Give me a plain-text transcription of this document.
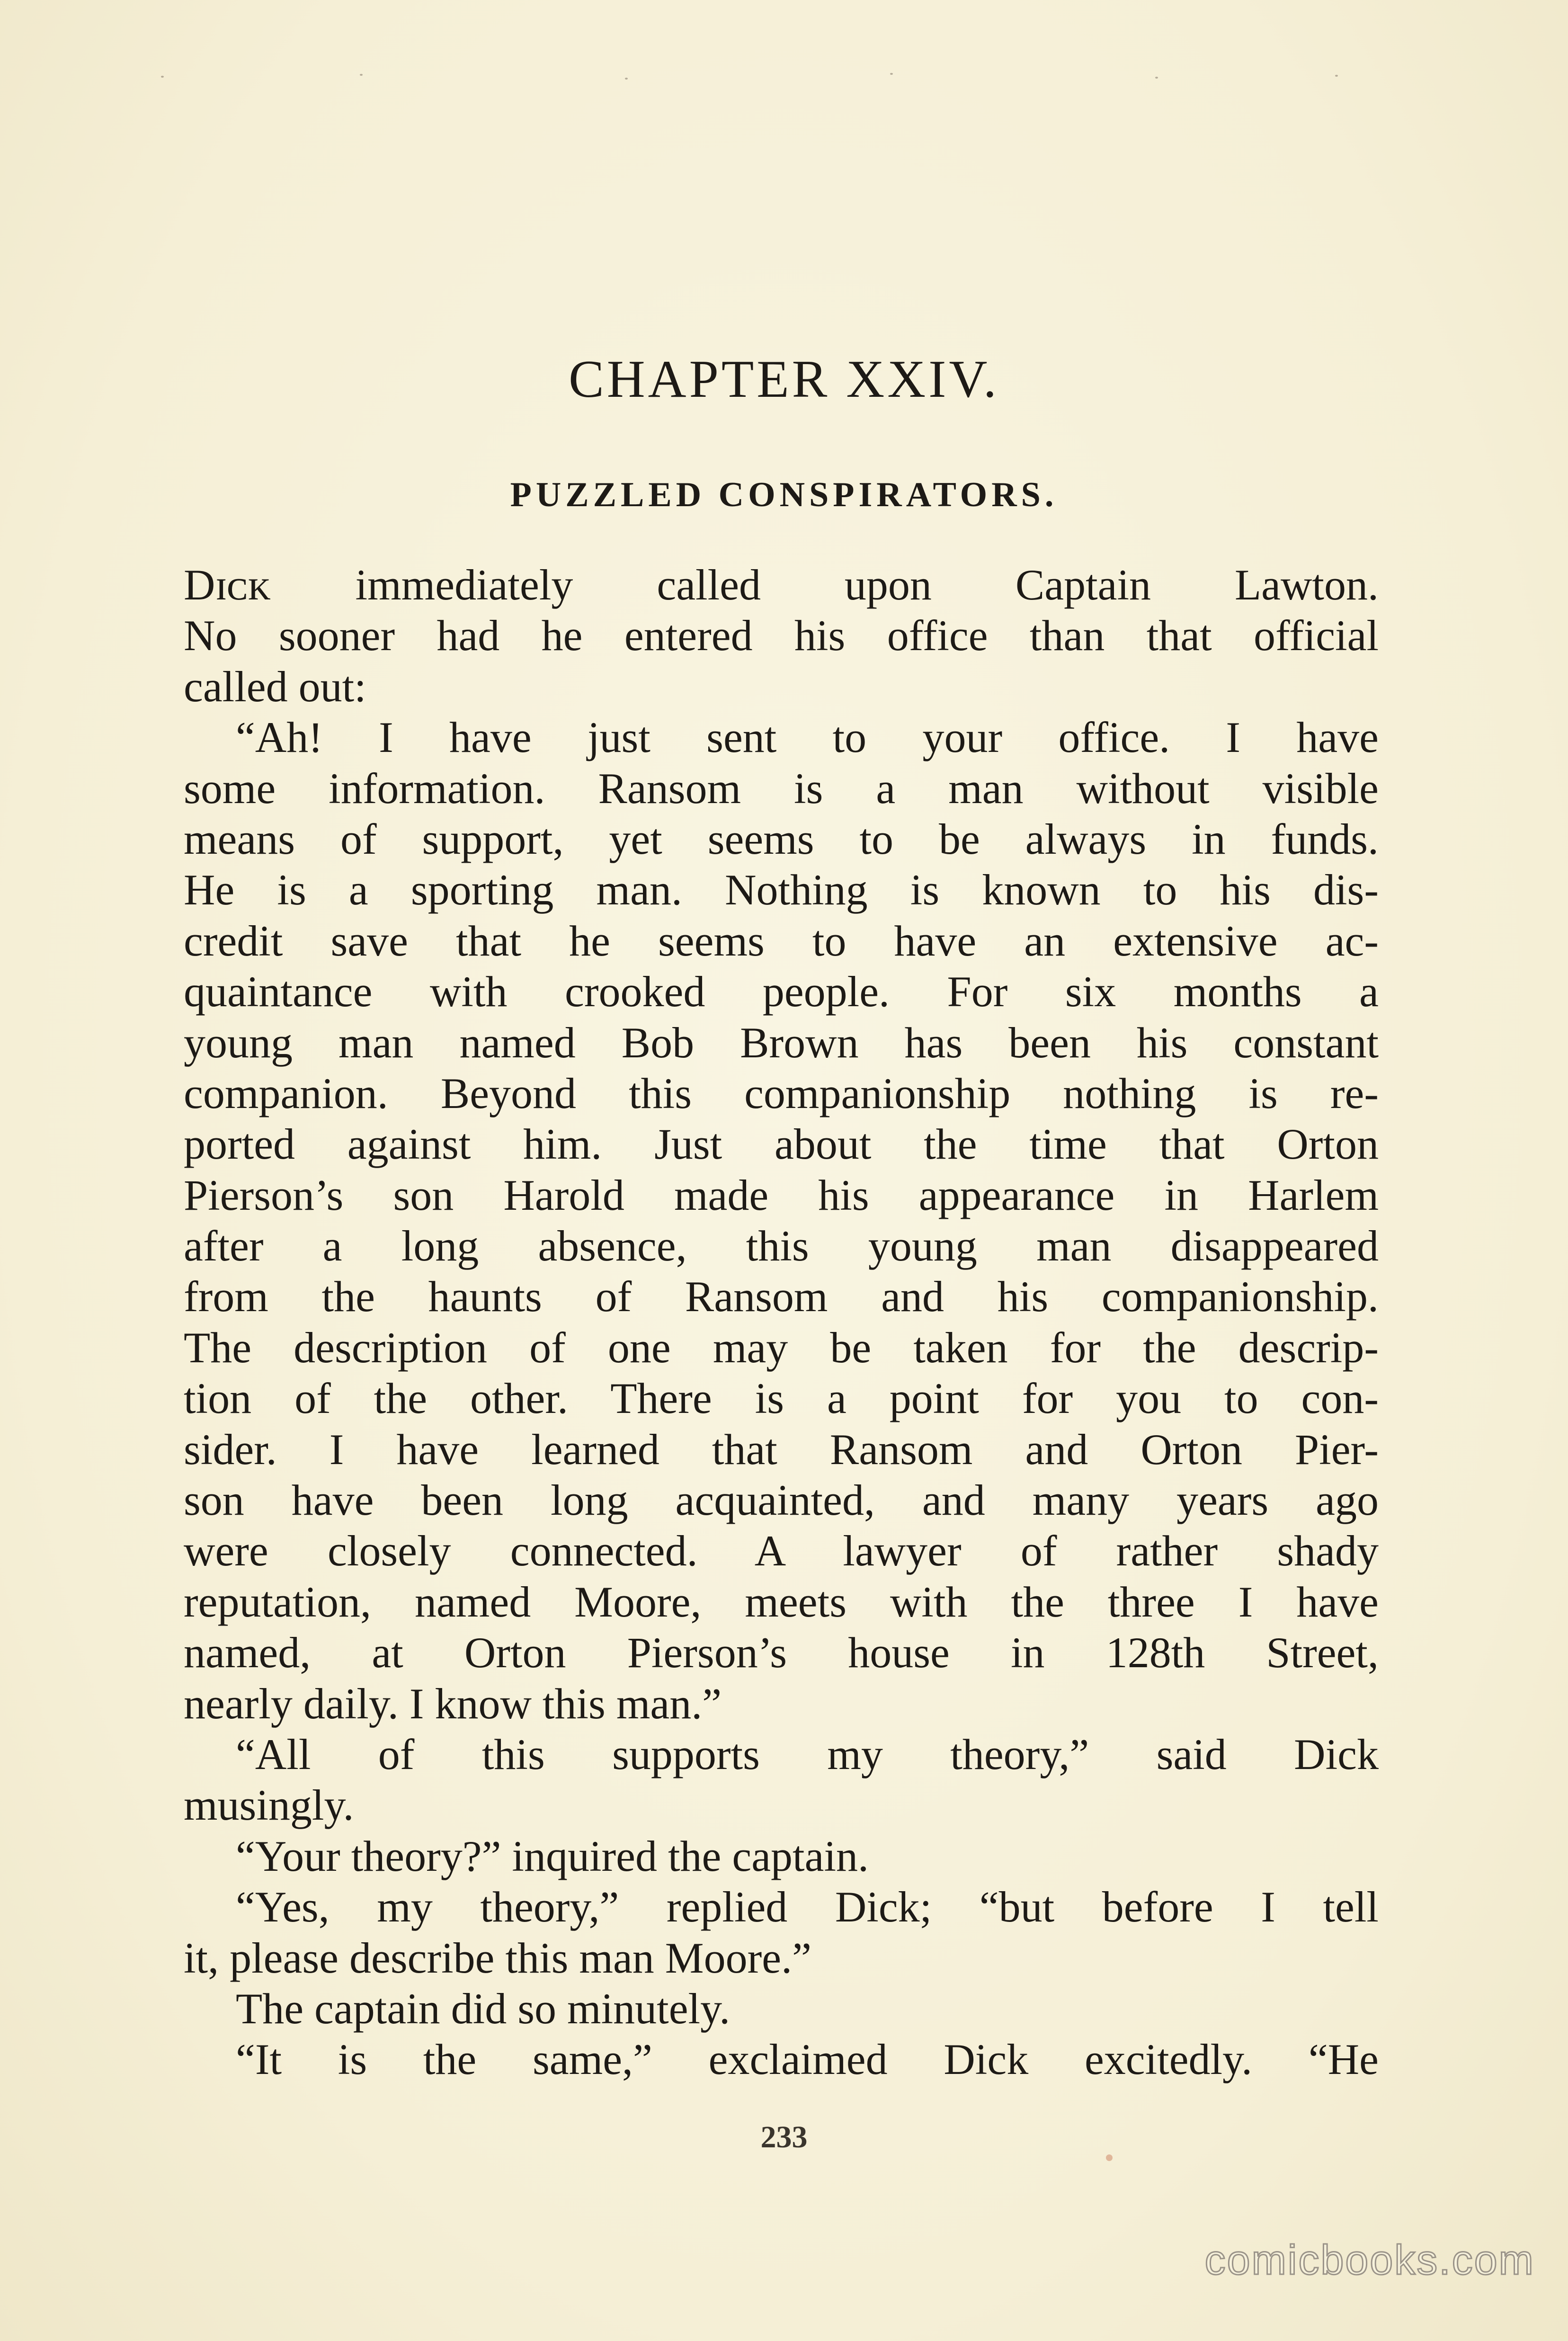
CHAPTER XXIV.
PUZZLED CONSPIRATORS.
Dɪᴄᴋ immediately called upon Captain Lawton.
No sooner had he entered his office than that official
called out:
“Ah! I have just sent to your office. I have
some information. Ransom is a man without visible
means of support, yet seems to be always in funds.
He is a sporting man. Nothing is known to his dis-
credit save that he seems to have an extensive ac-
quaintance with crooked people. For six months a
young man named Bob Brown has been his constant
companion. Beyond this companionship nothing is re-
ported against him. Just about the time that Orton
Pierson’s son Harold made his appearance in Harlem
after a long absence, this young man disappeared
from the haunts of Ransom and his companionship.
The description of one may be taken for the descrip-
tion of the other. There is a point for you to con-
sider. I have learned that Ransom and Orton Pier-
son have been long acquainted, and many years ago
were closely connected. A lawyer of rather shady
reputation, named Moore, meets with the three I have
named, at Orton Pierson’s house in 128th Street,
nearly daily. I know this man.”
“All of this supports my theory,” said Dick
musingly.
“Your theory?” inquired the captain.
“Yes, my theory,” replied Dick; “but before I tell
it, please describe this man Moore.”
The captain did so minutely.
“It is the same,” exclaimed Dick excitedly. “He

233

comicbooks.com
